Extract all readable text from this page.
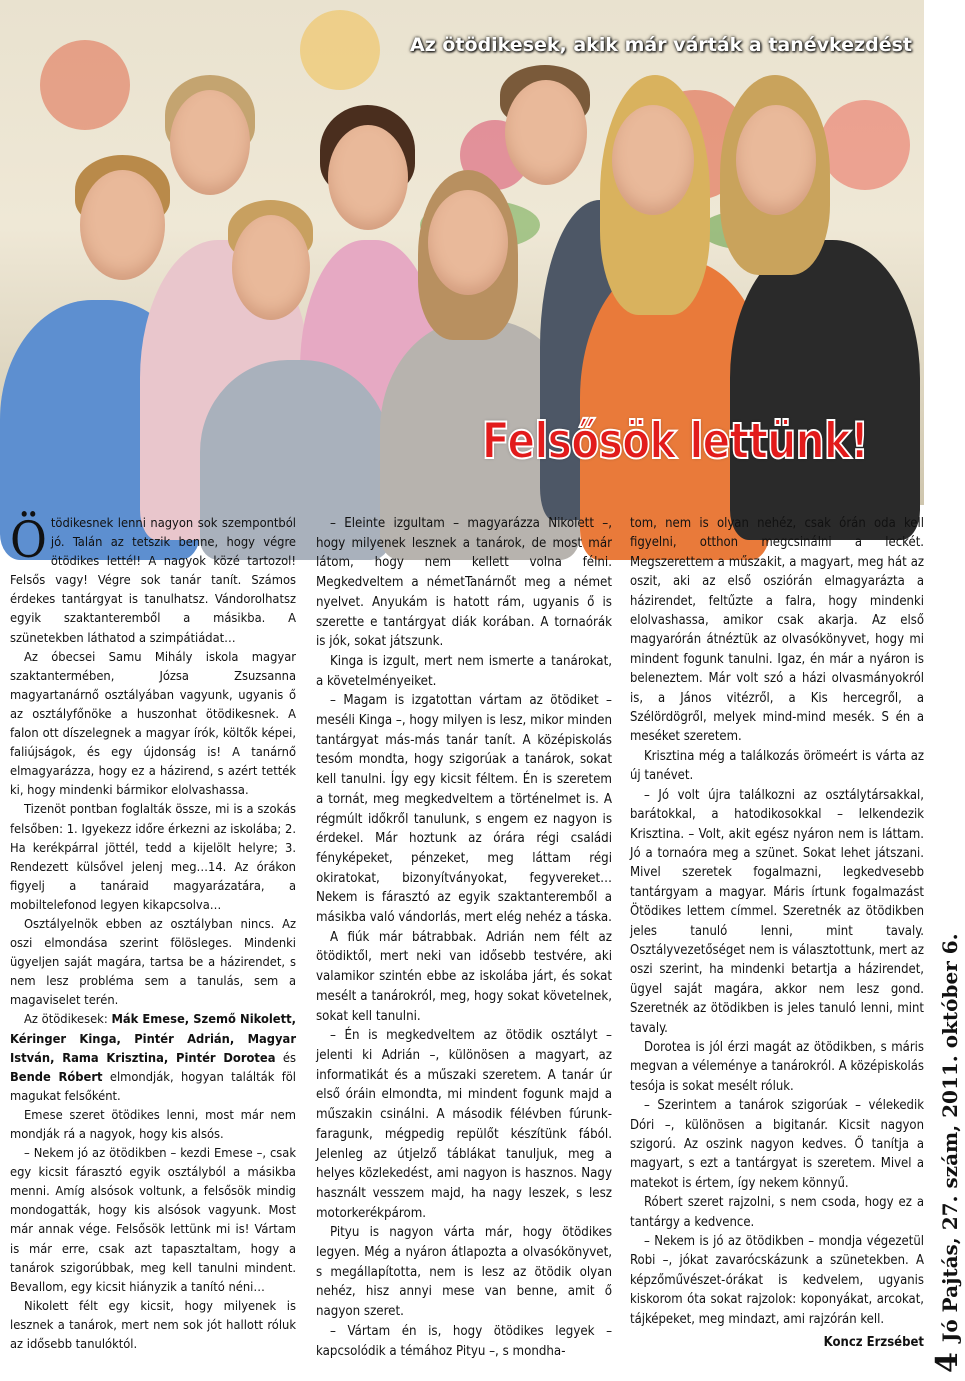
Az ötödikesek, akik már várták a tanévkezdést
Felsősök lettünk!

Ötödikesnek lenni nagyon sok szempontból jó. Talán az tetszik benne, hogy végre ötödikes lettél! A nagyok közé tartozol! Felsős vagy! Végre sok tanár tanít. Számos érdekes tantárgyat is tanulhatsz. Vándorolhatsz egyik szaktanteremből a másikba. A szünetekben láthatod a szimpátiádat…

Az óbecsei Samu Mihály iskola magyar szaktantermében, Józsa Zsuzsanna magyartanárnő osztályában vagyunk, ugyanis ő az osztályfőnöke a huszonhat ötödikesnek. A falon ott díszelegnek a magyar írók, költők képei, faliújságok, és egy újdonság is! A tanárnő elmagyarázza, hogy ez a házirend, s azért tették ki, hogy mindenki bármikor elolvashassa.

Tizenöt pontban foglalták össze, mi is a szokás felsőben: 1. Igyekezz időre érkezni az iskolába; 2. Ha kerékpárral jöttél, tedd a kijelölt helyre; 3. Rendezett külsővel jelenj meg…14. Az órákon figyelj a tanáraid magyarázatára, a mobiltelefonod legyen kikapcsolva…

Osztályelnök ebben az osztályban nincs. Az oszi elmondása szerint fölösleges. Mindenki ügyeljen saját magára, tartsa be a házirendet, s nem lesz probléma sem a tanulás, sem a magaviselet terén.

Az ötödikesek: Mák Emese, Szemő Nikolett, Kéringer Kinga, Pintér Adrián, Magyar István, Rama Krisztina, Pintér Dorotea és Bende Róbert elmondják, hogyan találták föl magukat felsőként.

Emese szeret ötödikes lenni, most már nem mondják rá a nagyok, hogy kis alsós.

– Nekem jó az ötödikben – kezdi Emese –, csak egy kicsit fárasztó egyik osztályból a másikba menni. Amíg alsósok voltunk, a felsősök mindig mondogatták, hogy kis alsósok vagyunk. Most már annak vége. Felsősök lettünk mi is! Vártam is már erre, csak azt tapasztaltam, hogy a tanárok szigorúbbak, meg kell tanulni mindent. Bevallom, egy kicsit hiányzik a tanító néni…

Nikolett félt egy kicsit, hogy milyenek is lesznek a tanárok, mert nem sok jót hallott róluk az idősebb tanulóktól.

– Eleinte izgultam – magyarázza Nikolett –, hogy milyenek lesznek a tanárok, de most már látom, hogy nem kellett volna félni. Megkedveltem a németTanárnőt meg a német nyelvet. Anyukám is hatott rám, ugyanis ő is szerette e tantárgyat diák korában. A tornaórák is jók, sokat játszunk.

Kinga is izgult, mert nem ismerte a tanárokat, a követelményeiket.

– Magam is izgatottan vártam az ötödiket – meséli Kinga –, hogy milyen is lesz, mikor minden tantárgyat más-más tanár tanít. A középiskolás tesóm mondta, hogy szigorúak a tanárok, sokat kell tanulni. Így egy kicsit féltem. Én is szeretem a tornát, meg megkedveltem a történelmet is. A régmúlt időkről tanulunk, s engem ez nagyon is érdekel. Már hoztunk az órára régi családi fényképeket, pénzeket, meg láttam régi okiratokat, bizonyítványokat, fegyvereket… Nekem is fárasztó az egyik szaktanteremből a másikba való vándorlás, mert elég nehéz a táska.

A fiúk már bátrabbak. Adrián nem félt az ötödiktől, mert neki van idősebb testvére, aki valamikor szintén ebbe az iskolába járt, és sokat mesélt a tanárokról, meg, hogy sokat követelnek, sokat kell tanulni.

– Én is megkedveltem az ötödik osztályt – jelenti ki Adrián –, különösen a magyart, az informatikát és a műszaki szeretem. A tanár úr első óráin elmondta, mi mindent fogunk majd a műszakin csinálni. A második félévben fúrunk-faragunk, mégpedig repülőt készítünk fából. Jelenleg az útjelző táblákat tanuljuk, meg a helyes közlekedést, ami nagyon is hasznos. Nagy használt vesszem majd, ha nagy leszek, s lesz motorkerékpárom.

Pityu is nagyon várta már, hogy ötödikes legyen. Még a nyáron átlapozta a olvasókönyvet, s megállapította, nem is lesz az ötödik olyan nehéz, hisz annyi mese van benne, amit ő nagyon szeret.

– Vártam én is, hogy ötödikes legyek – kapcsolódik a témához Pityu –, s mondha-

tom, nem is olyan nehéz, csak órán oda kell figyelni, otthon megcsinálni a leckét. Megszerettem a műszakit, a magyart, meg hát az oszit, aki az első osziórán elmagyarázta a házirendet, feltűzte a falra, hogy mindenki elolvashassa, amikor csak akarja. Az első magyarórán átnéztük az olvasókönyvet, hogy mi mindent fogunk tanulni. Igaz, én már a nyáron is beleneztem. Már volt szó a házi olvasmányokról is, a János vitézről, a Kis hercegről, a Szélördögről, melyek mind-mind mesék. S én a meséket szeretem.

Krisztina még a találkozás örömeért is várta az új tanévet.

– Jó volt újra találkozni az osztálytársakkal, barátokkal, a hatodikosokkal – lelkendezik Krisztina. – Volt, akit egész nyáron nem is láttam. Jó a tornaóra meg a szünet. Sokat lehet játszani. Mivel szeretek fogalmazni, legkedvesebb tantárgyam a magyar. Máris írtunk fogalmazást Ötödikes lettem címmel. Szeretnék az ötödikben jeles tanuló lenni, mint tavaly. Osztályvezetőséget nem is választottunk, mert az oszi szerint, ha mindenki betartja a házirendet, ügyel saját magára, akkor nem lesz gond. Szeretnék az ötödikben is jeles tanuló lenni, mint tavaly.

Dorotea is jól érzi magát az ötödikben, s máris megvan a véleménye a tanárokról. A középiskolás tesója is sokat mesélt róluk.

– Szerintem a tanárok szigorúak – vélekedik Dóri –, különösen a bigitanár. Kicsit nagyon szigorú. Az oszink nagyon kedves. Ő tanítja a magyart, s ezt a tantárgyat is szeretem. Mivel a matekot is értem, így nekem könnyű.

Róbert szeret rajzolni, s nem csoda, hogy ez a tantárgy a kedvence.

– Nekem is jó az ötödikben – mondja végezetül Robi –, jókat zavarócskázunk a szünetekben. A képzőművészet-órákat is kedvelem, ugyanis kiskorom óta sokat rajzolok: koponyákat, arcokat, tájképeket, meg mindazt, ami rajzórán kell.

Koncz Erzsébet
4Jó Pajtás, 27. szám, 2011. október 6.
